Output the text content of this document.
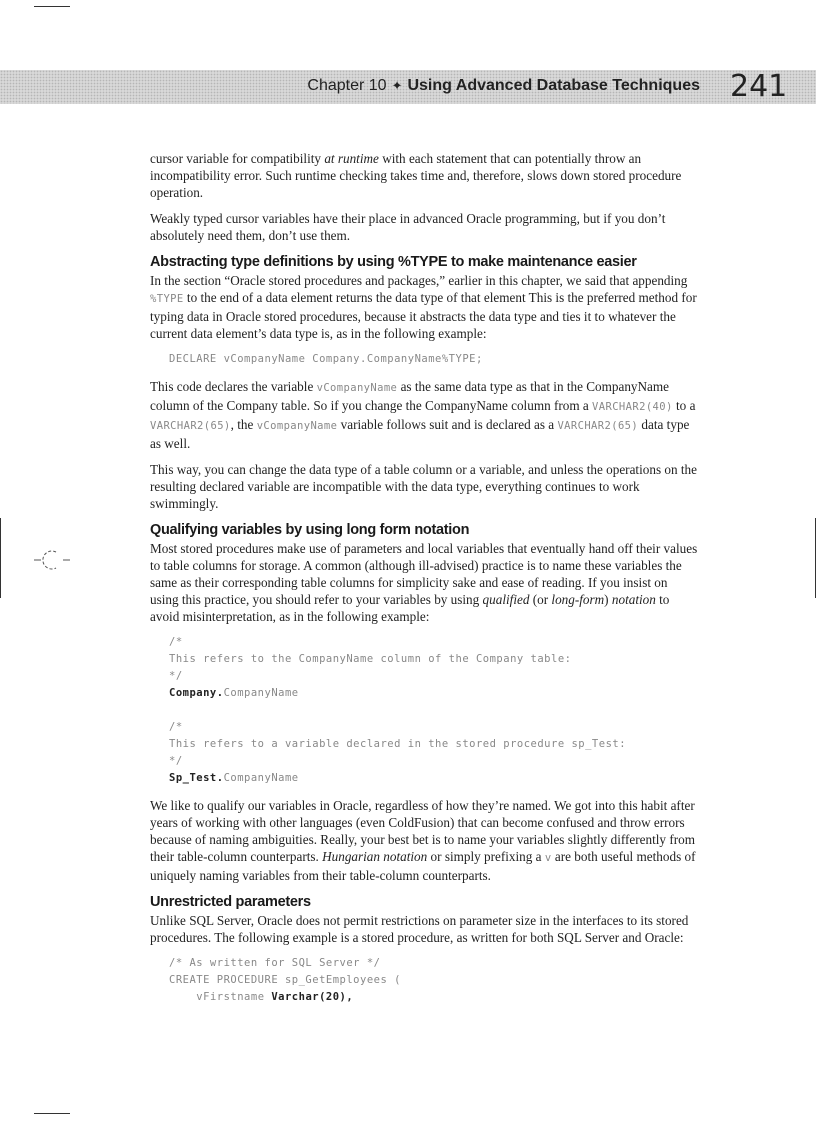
Chapter 10 ✦ Using Advanced Database Techniques 241

cursor variable for compatibility at runtime with each statement that can potentially throw an incompatibility error. Such runtime checking takes time and, therefore, slows down stored procedure operation.

Weakly typed cursor variables have their place in advanced Oracle programming, but if you don’t absolutely need them, don’t use them.

Abstracting type definitions by using %TYPE to make maintenance easier

In the section “Oracle stored procedures and packages,” earlier in this chapter, we said that appending %TYPE to the end of a data element returns the data type of that element This is the preferred method for typing data in Oracle stored procedures, because it abstracts the data type and ties it to whatever the current data element’s data type is, as in the following example:

DECLARE vCompanyName Company.CompanyName%TYPE;

This code declares the variable vCompanyName as the same data type as that in the CompanyName column of the Company table. So if you change the CompanyName column from a VARCHAR2(40) to a VARCHAR2(65), the vCompanyName variable follows suit and is declared as a VARCHAR2(65) data type as well.

This way, you can change the data type of a table column or a variable, and unless the operations on the resulting declared variable are incompatible with the data type, everything continues to work swimmingly.

Qualifying variables by using long form notation

Most stored procedures make use of parameters and local variables that eventually hand off their values to table columns for storage. A common (although ill-advised) practice is to name these variables the same as their corresponding table columns for simplicity sake and ease of reading. If you insist on using this practice, you should refer to your variables by using qualified (or long-form) notation to avoid misinterpretation, as in the following example:

/*
This refers to the CompanyName column of the Company table:
*/
Company.CompanyName
/*
This refers to a variable declared in the stored procedure sp_Test:
*/
Sp_Test.CompanyName

We like to qualify our variables in Oracle, regardless of how they’re named. We got into this habit after years of working with other languages (even ColdFusion) that can become confused and throw errors because of naming ambiguities. Really, your best bet is to name your variables slightly differently from their table-column counterparts. Hungarian notation or simply prefixing a v are both useful methods of uniquely naming variables from their table-column counterparts.

Unrestricted parameters

Unlike SQL Server, Oracle does not permit restrictions on parameter size in the interfaces to its stored procedures. The following example is a stored procedure, as written for both SQL Server and Oracle:

/* As written for SQL Server */
CREATE PROCEDURE sp_GetEmployees (
vFirstname Varchar(20),
